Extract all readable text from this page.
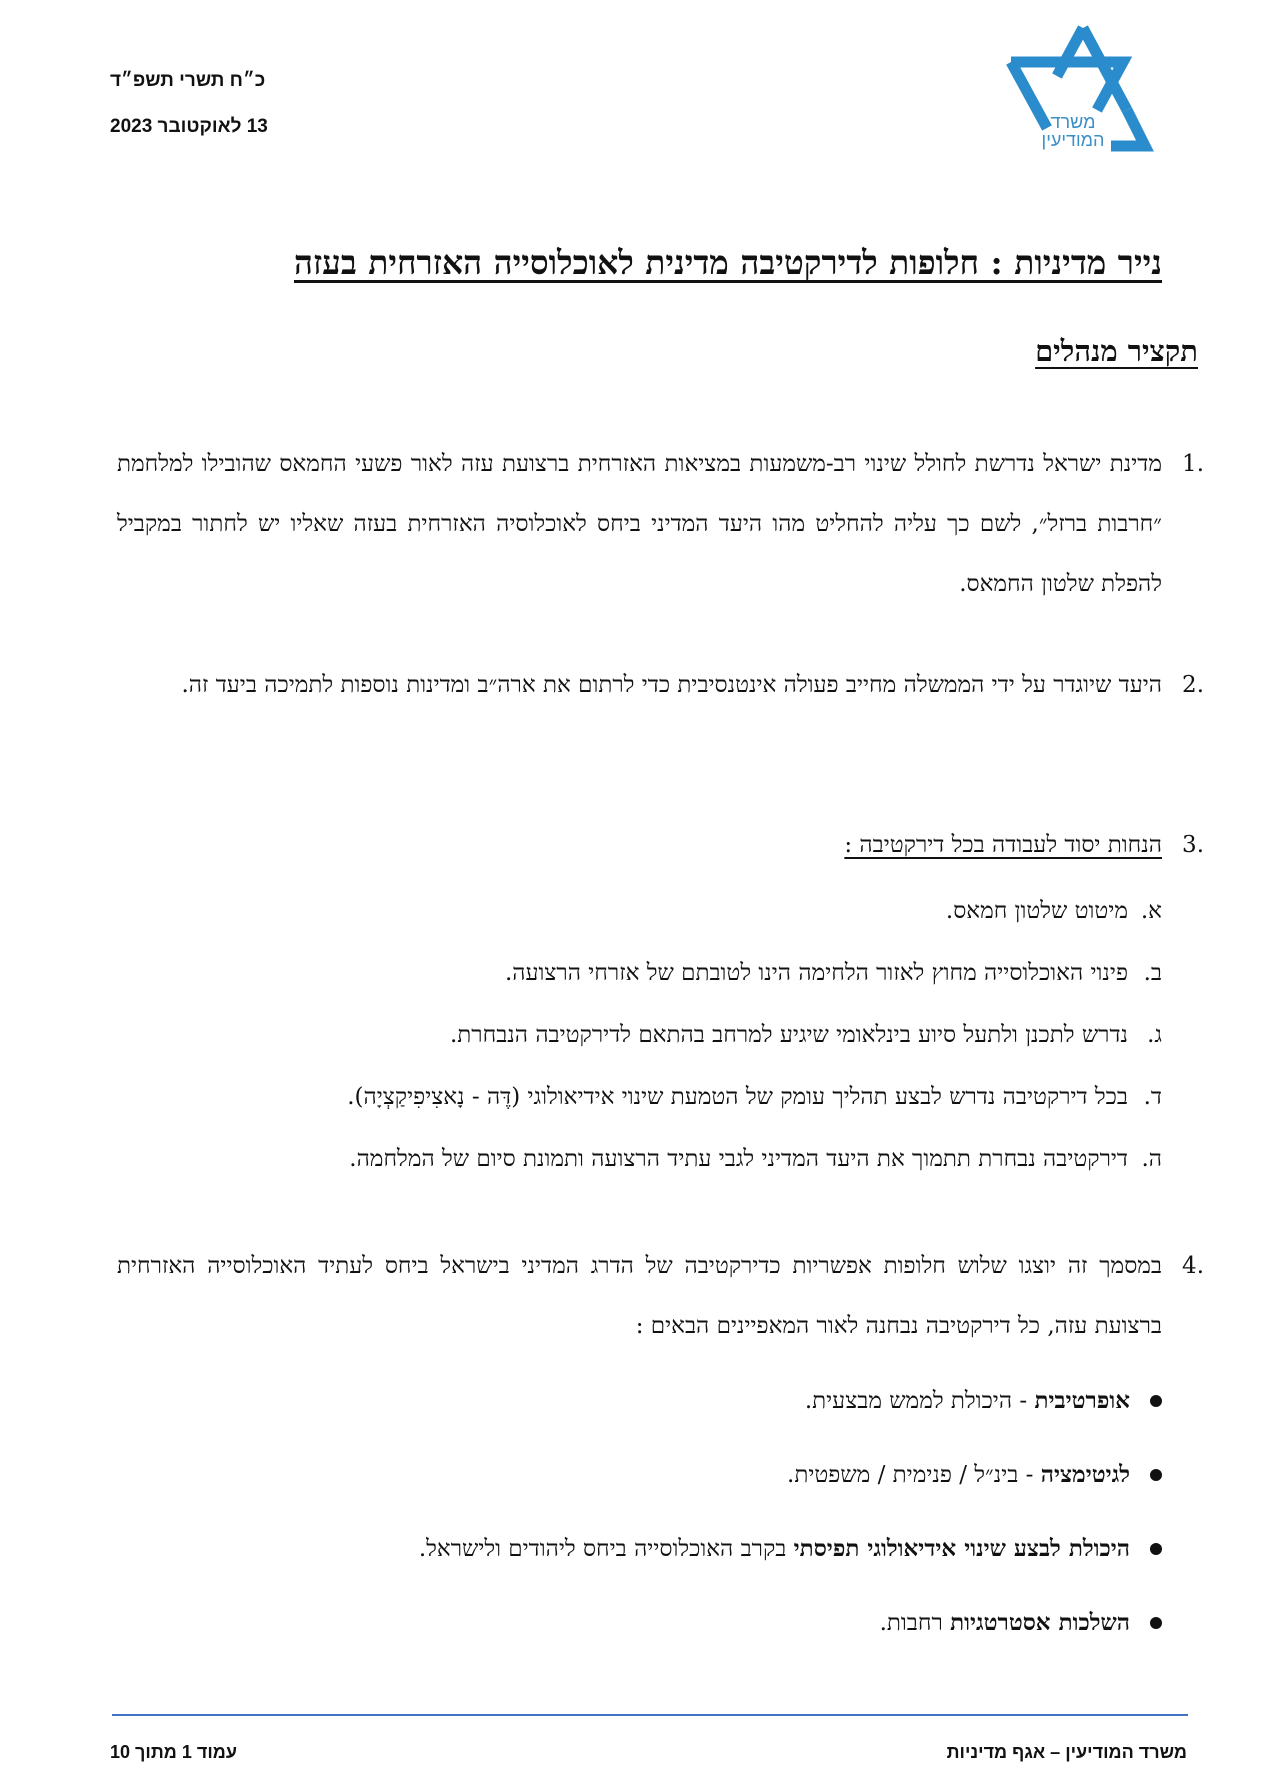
כ״ח תשרי תשפ״ד
13 לאוקטובר 2023	משרד
המודיעין
נייר מדיניות : חלופות לדירקטיבה מדינית לאוכלוסייה האזרחית בעזה
תקציר מנהלים
.1
מדינת ישראל נדרשת לחולל שינוי רב-משמעות במציאות האזרחית ברצועת עזה לאור פשעי החמאס שהובילו למלחמת ״חרבות ברזל״, לשם כך עליה להחליט מהו היעד המדיני ביחס לאוכלוסיה האזרחית בעזה שאליו יש לחתור במקביל להפלת שלטון החמאס.
.2
היעד שיוגדר על ידי הממשלה מחייב פעולה אינטנסיבית כדי לרתום את ארה״ב ומדינות נוספות לתמיכה ביעד זה.
.3
הנחות יסוד לעבודה בכל דירקטיבה :
א.
מיטוט שלטון חמאס.
ב.
פינוי האוכלוסייה מחוץ לאזור הלחימה הינו לטובתם של אזרחי הרצועה.
ג.
נדרש לתכנן ולתעל סיוע בינלאומי שיגיע למרחב בהתאם לדירקטיבה הנבחרת.
ד.
בכל דירקטיבה נדרש לבצע תהליך עומק של הטמעת שינוי אידיאולוגי (דֶּה - נָאצִיפִיקַצְיָה).
ה.
דירקטיבה נבחרת תתמוך את היעד המדיני לגבי עתיד הרצועה ותמונת סיום של המלחמה.
.4
במסמך זה יוצגו שלוש חלופות אפשריות כדירקטיבה של הדרג המדיני בישראל ביחס לעתיד האוכלוסייה האזרחית ברצועת עזה, כל דירקטיבה נבחנה לאור המאפיינים הבאים :
אופרטיבית - היכולת לממש מבצעית.
לגיטימציה - בינ״ל / פנימית / משפטית.
היכולת לבצע שינוי אידיאולוגי תפיסתי בקרב האוכלוסייה ביחס ליהודים ולישראל.
השלכות אסטרטגיות רחבות.
עמוד 1 מתוך 10	משרד המודיעין – אגף מדיניות
